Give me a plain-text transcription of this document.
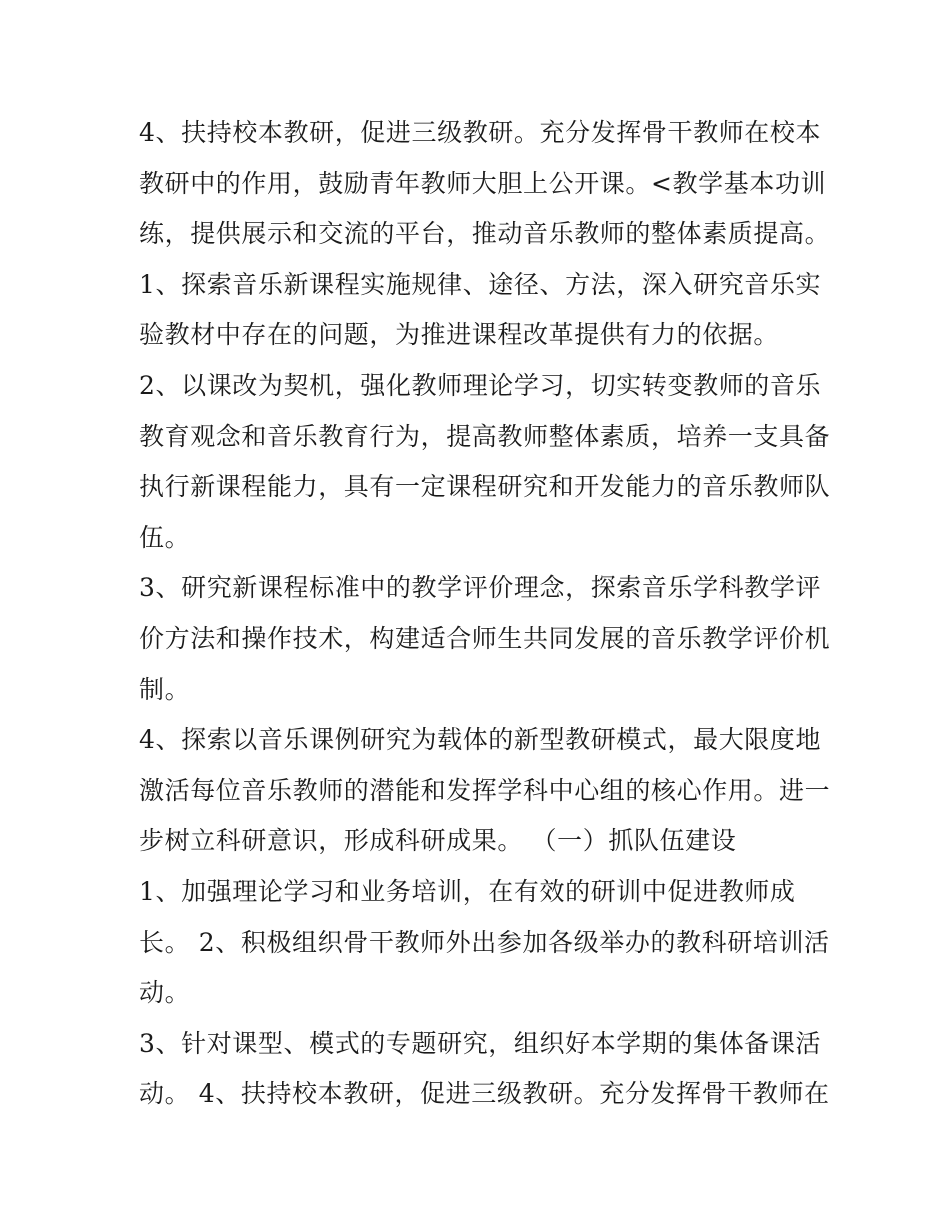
4、扶持校本教研，促进三级教研。充分发挥骨干教师在校本
教研中的作用，鼓励青年教师大胆上公开课。<教学基本功训
练，提供展示和交流的平台，推动音乐教师的整体素质提高。
1、探索音乐新课程实施规律、途径、方法，深入研究音乐实
验教材中存在的问题，为推进课程改革提供有力的依据。
2、以课改为契机，强化教师理论学习，切实转变教师的音乐
教育观念和音乐教育行为，提高教师整体素质，培养一支具备
执行新课程能力，具有一定课程研究和开发能力的音乐教师队
伍。
3、研究新课程标准中的教学评价理念，探索音乐学科教学评
价方法和操作技术，构建适合师生共同发展的音乐教学评价机
制。
4、探索以音乐课例研究为载体的新型教研模式，最大限度地
激活每位音乐教师的潜能和发挥学科中心组的核心作用。进一
步树立科研意识，形成科研成果。 （一）抓队伍建设
1、加强理论学习和业务培训，在有效的研训中促进教师成
长。 2、积极组织骨干教师外出参加各级举办的教科研培训活
动。
3、针对课型、模式的专题研究，组织好本学期的集体备课活
动。 4、扶持校本教研，促进三级教研。充分发挥骨干教师在
